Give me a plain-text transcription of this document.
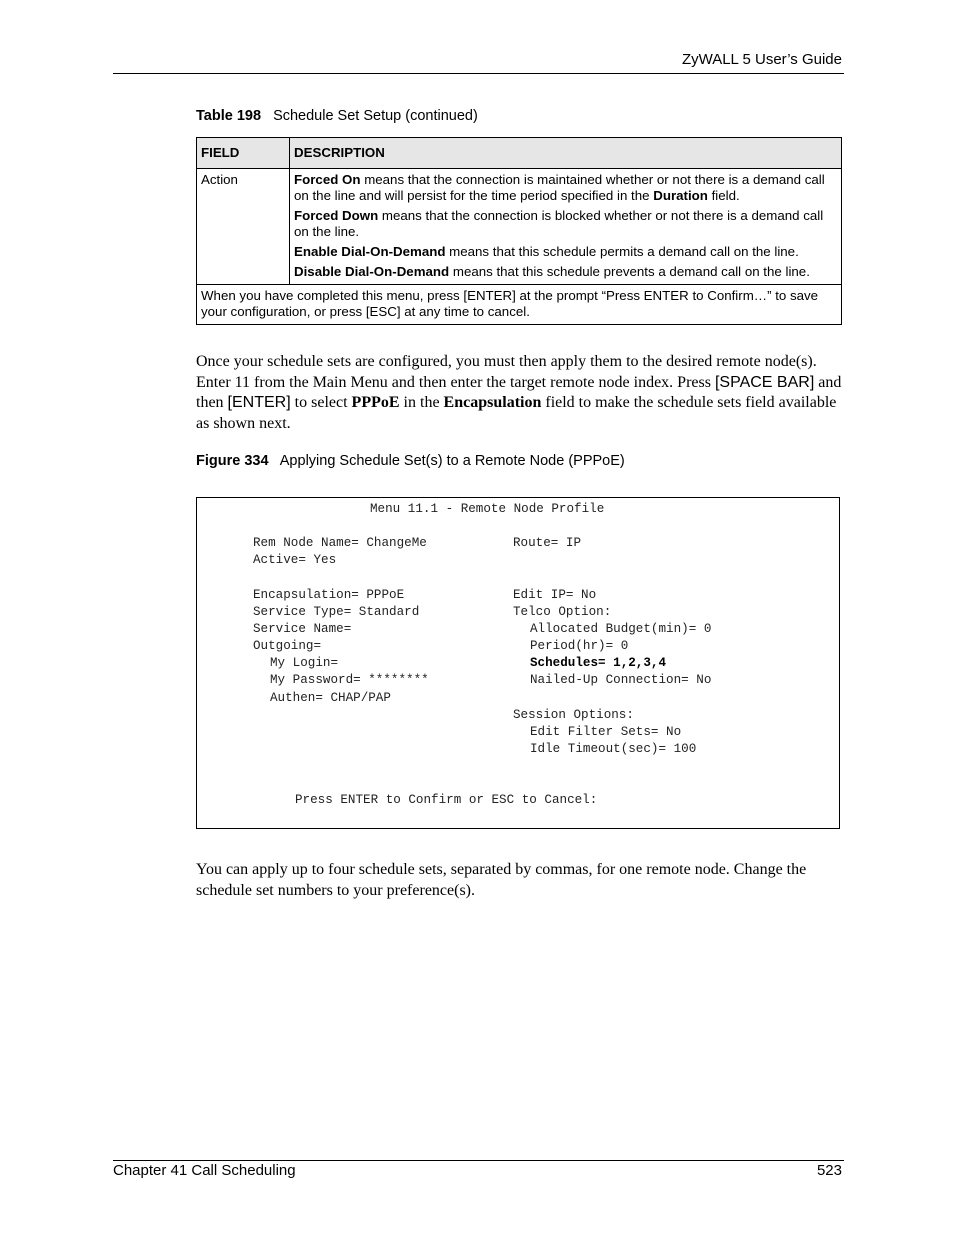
ZyWALL 5 User’s Guide
Table 198 Schedule Set Setup (continued)
FIELD	DESCRIPTION
Action	Forced On means that the connection is maintained whether or not there is a demand call on the line and will persist for the time period specified in the Duration field.

Forced Down means that the connection is blocked whether or not there is a demand call on the line.

Enable Dial-On-Demand means that this schedule permits a demand call on the line.

Disable Dial-On-Demand means that this schedule prevents a demand call on the line.

When you have completed this menu, press [ENTER] at the prompt “Press ENTER to Confirm…” to save your configuration, or press [ESC] at any time to cancel.	
Once your schedule sets are configured, you must then apply them to the desired remote node(s). Enter 11 from the Main Menu and then enter the target remote node index. Press [SPACE BAR] and then [ENTER] to select PPPoE in the Encapsulation field to make the schedule sets field available as shown next.
Figure 334 Applying Schedule Set(s) to a Remote Node (PPPoE)
Menu 11.1 - Remote Node Profile
Rem Node Name= ChangeMe	Route= IP
Active= Yes
Encapsulation= PPPoE	Edit IP= No
Service Type= Standard	Telco Option:
Service Name=	Allocated Budget(min)= 0
Outgoing=	Period(hr)= 0
My Login=	Schedules= 1,2,3,4
My Password= ********	Nailed-Up Connection= No
Authen= CHAP/PAP
Session Options:
Edit Filter Sets= No
Idle Timeout(sec)= 100
Press ENTER to Confirm or ESC to Cancel:
You can apply up to four schedule sets, separated by commas, for one remote node. Change the schedule set numbers to your preference(s).
Chapter 41 Call Scheduling	523
